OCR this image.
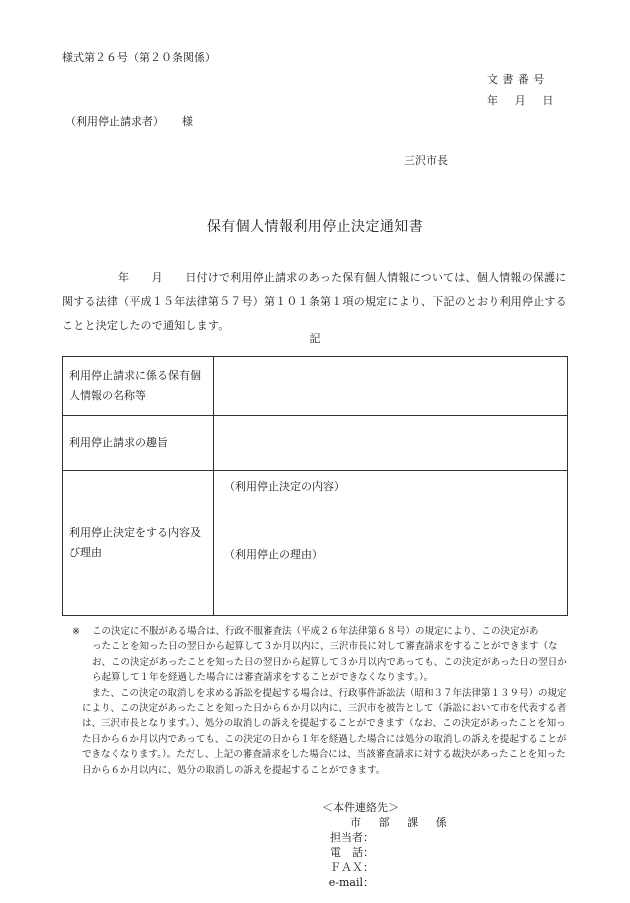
様式第２６号（第２０条関係）
文書番号
年 月 日
（利用停止請求者） 様
三沢市長
保有個人情報利用停止決定通知書
年　　月　　日付けで利用停止請求のあった保有個人情報については、個人情報の保護に関する法律（平成１５年法律第５７号）第１０１条第１項の規定により、下記のとおり利用停止することと決定したので通知します。
記
利用停止請求に係る保有個人情報の名称等	
利用停止請求の趣旨	
利用停止決定をする内容及び理由	（利用停止決定の内容）
（利用停止の理由）

※	この決定に不服がある場合は、行政不服審査法（平成２６年法律第６８号）の規定により、この決定があ

ったことを知った日の翌日から起算して３か月以内に、三沢市長に対して審査請求をすることができます（なお、この決定があったことを知った日の翌日から起算して３か月以内であっても、この決定があった日の翌日から起算して１年を経過した場合には審査請求をすることができなくなります。）。

また、この決定の取消しを求める訴訟を提起する場合は、行政事件訴訟法（昭和３７年法律第１３９号）の規定により、この決定があったことを知った日から６か月以内に、三沢市を被告として（訴訟において市を代表する者は、三沢市長となります。）、処分の取消しの訴えを提起することができます（なお、この決定があったことを知った日から６か月以内であっても、この決定の日から１年を経過した場合には処分の取消しの訴えを提起することができなくなります。）。ただし、上記の審査請求をした場合には、当該審査請求に対する裁決があったことを知った日から６か月以内に、処分の取消しの訴えを提起することができます。

＜本件連絡先＞
市部課係
担当者：
電　話：
ＦＡＸ：
e-mail：
